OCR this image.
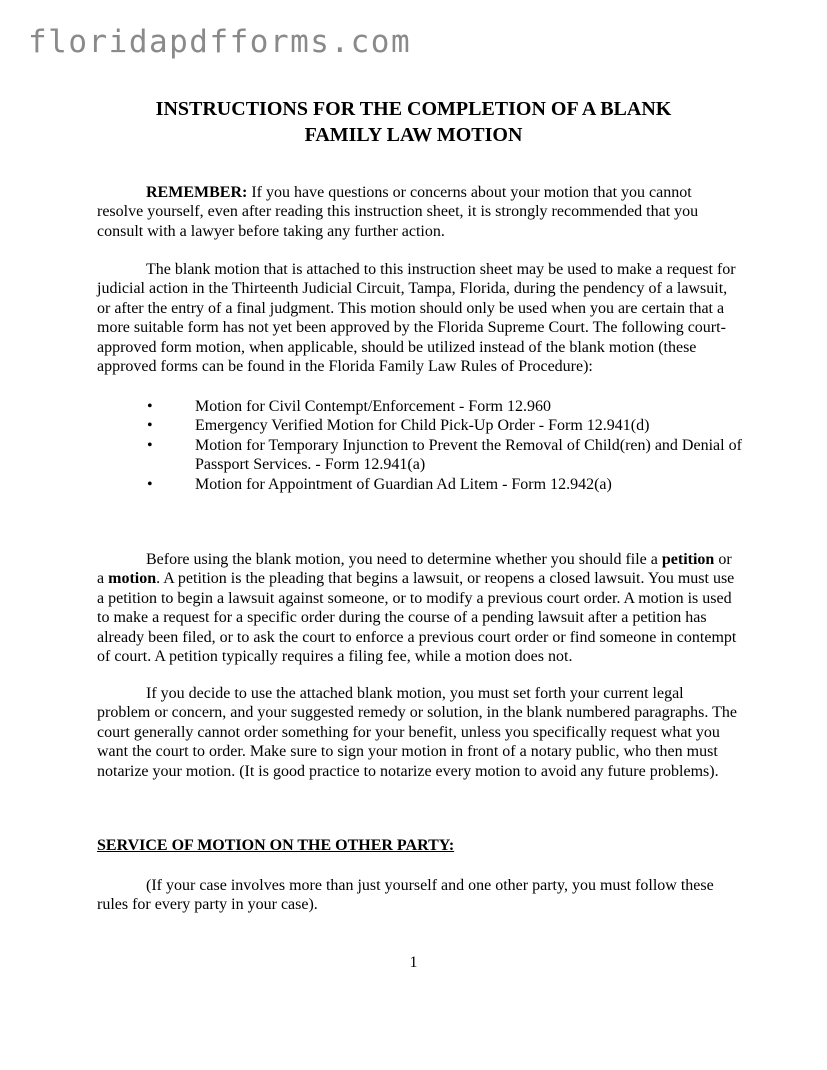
floridapdfforms.com
INSTRUCTIONS FOR THE COMPLETION OF A BLANK
FAMILY LAW MOTION

REMEMBER: If you have questions or concerns about your motion that you cannot resolve yourself, even after reading this instruction sheet, it is strongly recommended that you consult with a lawyer before taking any further action.

The blank motion that is attached to this instruction sheet may be used to make a request for judicial action in the Thirteenth Judicial Circuit, Tampa, Florida, during the pendency of a lawsuit, or after the entry of a final judgment. This motion should only be used when you are certain that a more suitable form has not yet been approved by the Florida Supreme Court. The following court-approved form motion, when applicable, should be utilized instead of the blank motion (these approved forms can be found in the Florida Family Law Rules of Procedure):

•	Motion for Civil Contempt/Enforcement - Form 12.960
•	Emergency Verified Motion for Child Pick-Up Order - Form 12.941(d)
•	Motion for Temporary Injunction to Prevent the Removal of Child(ren) and Denial of Passport Services. - Form 12.941(a)
•	Motion for Appointment of Guardian Ad Litem - Form 12.942(a)

Before using the blank motion, you need to determine whether you should file a petition or a motion. A petition is the pleading that begins a lawsuit, or reopens a closed lawsuit. You must use a petition to begin a lawsuit against someone, or to modify a previous court order. A motion is used to make a request for a specific order during the course of a pending lawsuit after a petition has already been filed, or to ask the court to enforce a previous court order or find someone in contempt of court. A petition typically requires a filing fee, while a motion does not.

If you decide to use the attached blank motion, you must set forth your current legal problem or concern, and your suggested remedy or solution, in the blank numbered paragraphs. The court generally cannot order something for your benefit, unless you specifically request what you want the court to order. Make sure to sign your motion in front of a notary public, who then must notarize your motion. (It is good practice to notarize every motion to avoid any future problems).

SERVICE OF MOTION ON THE OTHER PARTY:

(If your case involves more than just yourself and one other party, you must follow these rules for every party in your case).

1
